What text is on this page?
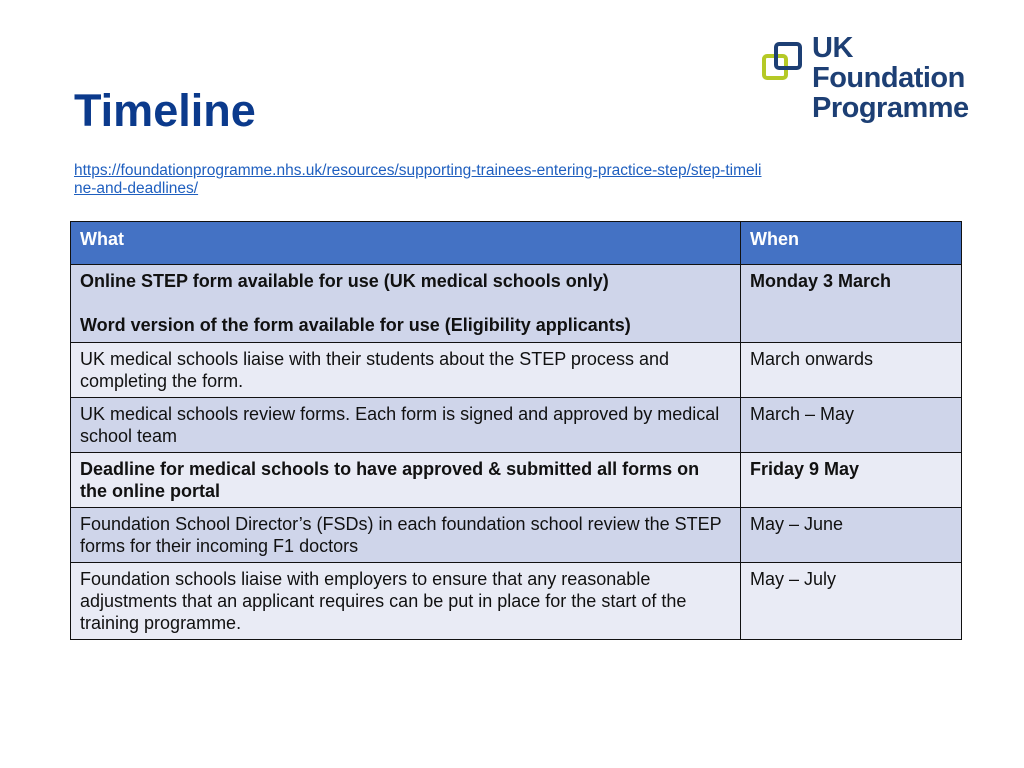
Timeline
https://foundationprogramme.nhs.uk/resources/supporting-trainees-entering-practice-step/step-timeline-and-deadlines/
UK
Foundation
Programme
What	When
Online STEP form available for use (UK medical schools only)
Word version of the form available for use (Eligibility applicants)	Monday 3 March
UK medical schools liaise with their students about the STEP process and completing the form.	March onwards
UK medical schools review forms. Each form is signed and approved by medical school team	March – May
Deadline for medical schools to have approved & submitted all forms on the online portal	Friday 9 May
Foundation School Director’s (FSDs) in each foundation school review the STEP forms for their incoming F1 doctors	May – June
Foundation schools liaise with employers to ensure that any reasonable adjustments that an applicant requires can be put in place for the start of the training programme.	May – July
